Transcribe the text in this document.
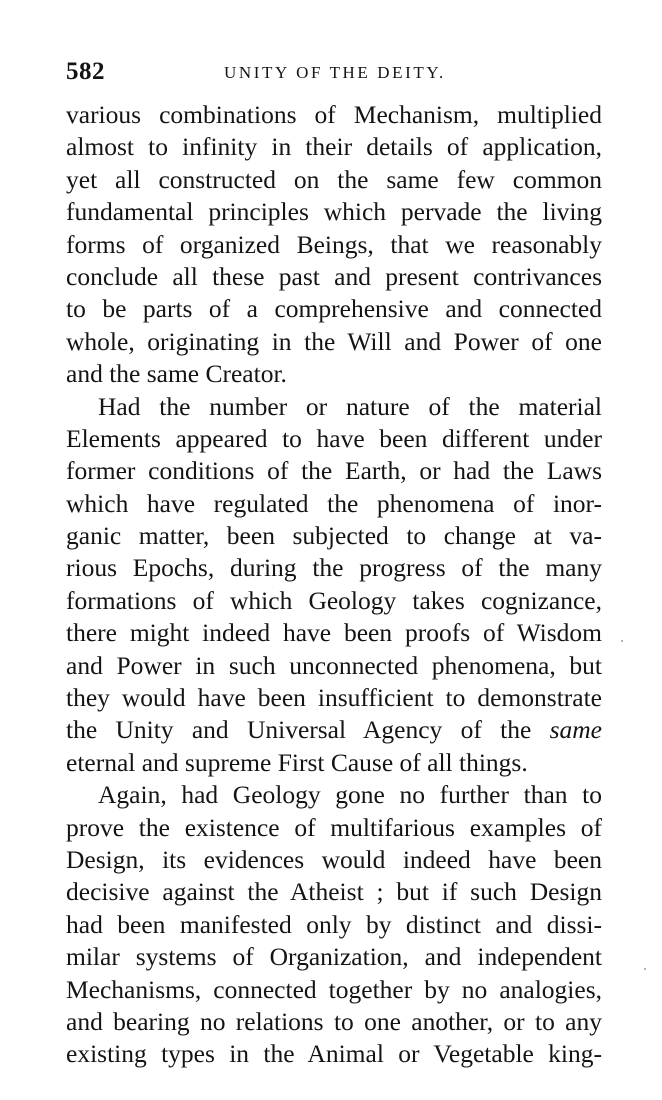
582	UNITY OF THE DEITY.
various combinations of Mechanism, multiplied
almost to infinity in their details of application,
yet all constructed on the same few common
fundamental principles which pervade the living
forms of organized Beings, that we reasonably
conclude all these past and present contrivances
to be parts of a comprehensive and connected
whole, originating in the Will and Power of one
and the same Creator.
Had the number or nature of the material
Elements appeared to have been different under
former conditions of the Earth, or had the Laws
which have regulated the phenomena of inor-
ganic matter, been subjected to change at va-
rious Epochs, during the progress of the many
formations of which Geology takes cognizance,
there might indeed have been proofs of Wisdom
and Power in such unconnected phenomena, but
they would have been insufficient to demonstrate
the Unity and Universal Agency of the same
eternal and supreme First Cause of all things.
Again, had Geology gone no further than to
prove the existence of multifarious examples of
Design, its evidences would indeed have been
decisive against the Atheist ; but if such Design
had been manifested only by distinct and dissi-
milar systems of Organization, and independent
Mechanisms, connected together by no analogies,
and bearing no relations to one another, or to any
existing types in the Animal or Vegetable king-
